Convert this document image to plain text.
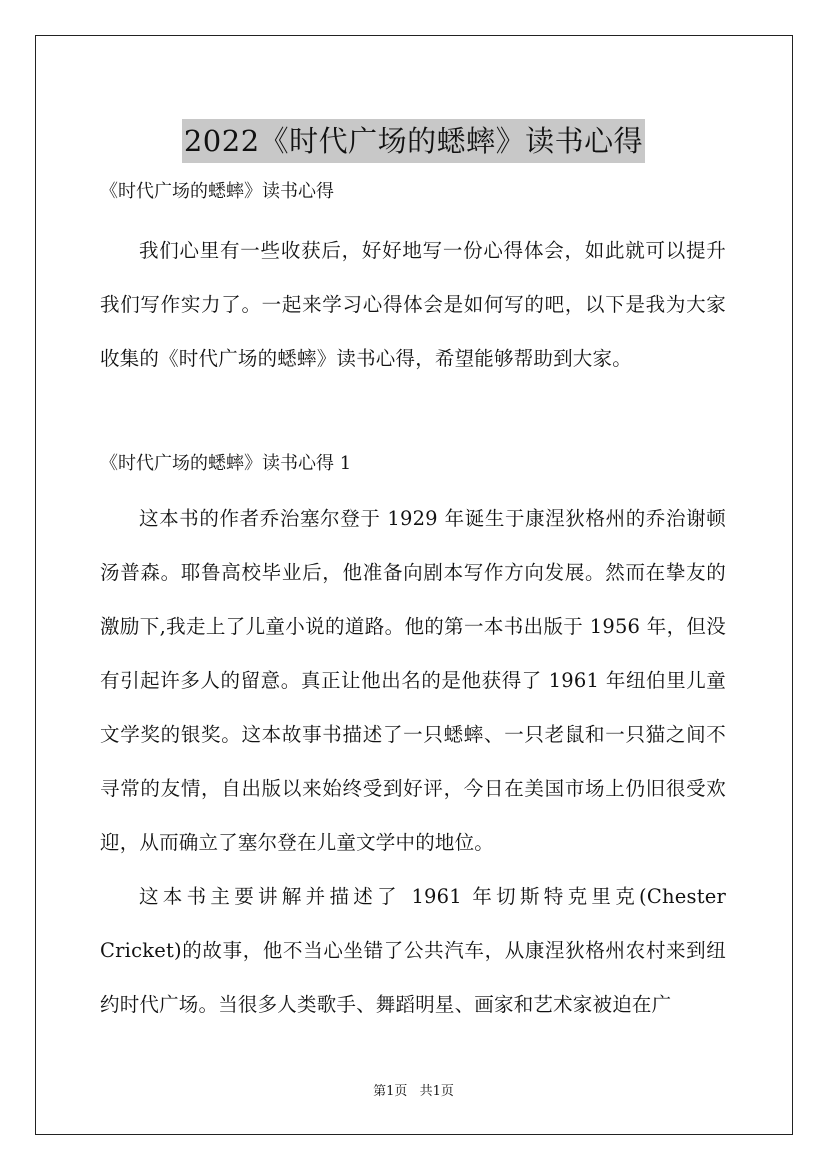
2022《时代广场的蟋蟀》读书心得

《时代广场的蟋蟀》读书心得

我们心里有一些收获后，好好地写一份心得体会，如此就可以提升我们写作实力了。一起来学习心得体会是如何写的吧，以下是我为大家收集的《时代广场的蟋蟀》读书心得，希望能够帮助到大家。

《时代广场的蟋蟀》读书心得 1

这本书的作者乔治塞尔登于 1929 年诞生于康涅狄格州的乔治谢顿汤普森。耶鲁高校毕业后，他准备向剧本写作方向发展。然而在挚友的激励下,我走上了儿童小说的道路。他的第一本书出版于 1956 年，但没有引起许多人的留意。真正让他出名的是他获得了 1961 年纽伯里儿童文学奖的银奖。这本故事书描述了一只蟋蟀、一只老鼠和一只猫之间不寻常的友情，自出版以来始终受到好评，今日在美国市场上仍旧很受欢迎，从而确立了塞尔登在儿童文学中的地位。

这本书主要讲解并描述了 1961 年切斯特克里克(Chester Cricket)的故事，他不当心坐错了公共汽车，从康涅狄格州农村来到纽约时代广场。当很多人类歌手、舞蹈明星、画家和艺术家被迫在广

第1页 共1页
